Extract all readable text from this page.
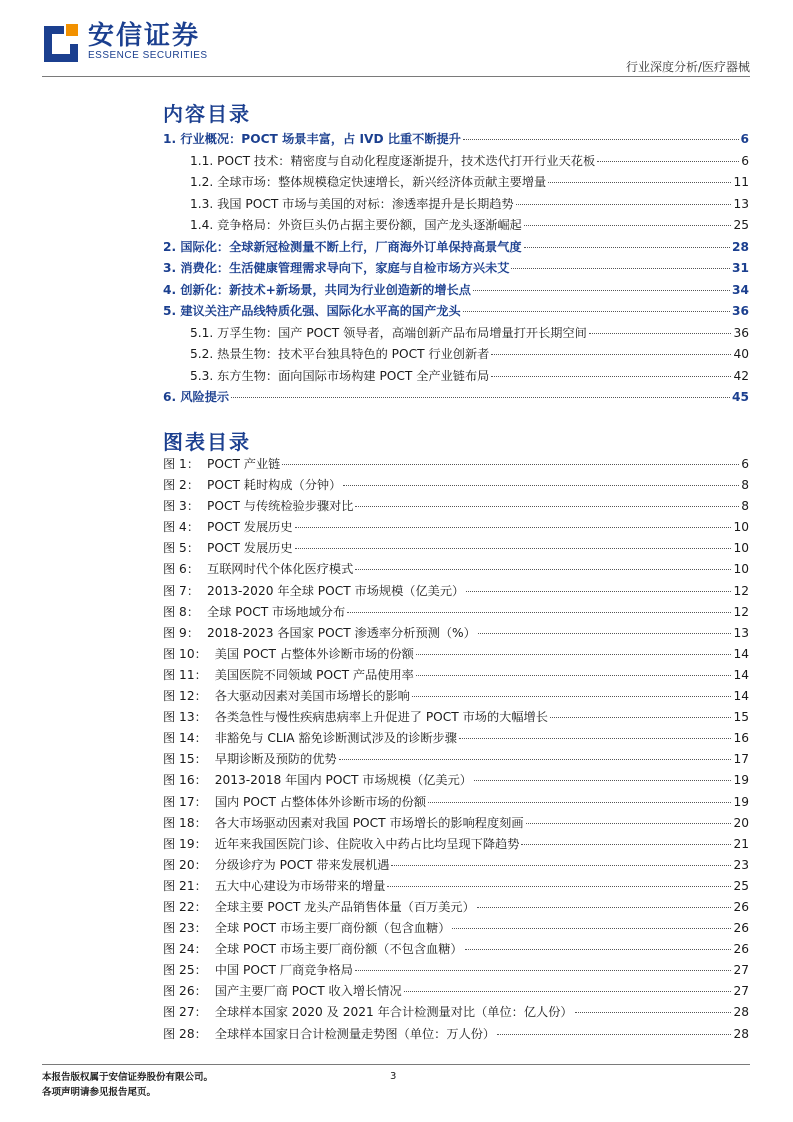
安信证券
ESSENCE SECURITIES
行业深度分析/医疗器械
内容目录
1. 行业概况：POCT 场景丰富，占 IVD 比重不断提升	6
1.1. POCT 技术：精密度与自动化程度逐渐提升，技术迭代打开行业天花板	6
1.2. 全球市场：整体规模稳定快速增长，新兴经济体贡献主要增量	11
1.3. 我国 POCT 市场与美国的对标：渗透率提升是长期趋势	13
1.4. 竞争格局：外资巨头仍占据主要份额，国产龙头逐渐崛起	25
2. 国际化：全球新冠检测量不断上行，厂商海外订单保持高景气度	28
3. 消费化：生活健康管理需求导向下，家庭与自检市场方兴未艾	31
4. 创新化：新技术+新场景，共同为行业创造新的增长点	34
5. 建议关注产品线特质化强、国际化水平高的国产龙头	36
5.1. 万孚生物：国产 POCT 领导者，高端创新产品布局增量打开长期空间	36
5.2. 热景生物：技术平台独具特色的 POCT 行业创新者	40
5.3. 东方生物：面向国际市场构建 POCT 全产业链布局	42
6. 风险提示	45
图表目录
图 1： POCT 产业链	6
图 2： POCT 耗时构成（分钟）	8
图 3： POCT 与传统检验步骤对比	8
图 4： POCT 发展历史	10
图 5： POCT 发展历史	10
图 6： 互联网时代个体化医疗模式	10
图 7： 2013-2020 年全球 POCT 市场规模（亿美元）	12
图 8： 全球 POCT 市场地域分布	12
图 9： 2018-2023 各国家 POCT 渗透率分析预测（%）	13
图 10： 美国 POCT 占整体外诊断市场的份额	14
图 11： 美国医院不同领域 POCT 产品使用率	14
图 12： 各大驱动因素对美国市场增长的影响	14
图 13： 各类急性与慢性疾病患病率上升促进了 POCT 市场的大幅增长	15
图 14： 非豁免与 CLIA 豁免诊断测试涉及的诊断步骤	16
图 15： 早期诊断及预防的优势	17
图 16： 2013-2018 年国内 POCT 市场规模（亿美元）	19
图 17： 国内 POCT 占整体体外诊断市场的份额	19
图 18： 各大市场驱动因素对我国 POCT 市场增长的影响程度刻画	20
图 19： 近年来我国医院门诊、住院收入中药占比均呈现下降趋势	21
图 20： 分级诊疗为 POCT 带来发展机遇	23
图 21： 五大中心建设为市场带来的增量	25
图 22： 全球主要 POCT 龙头产品销售体量（百万美元）	26
图 23： 全球 POCT 市场主要厂商份额（包含血糖）	26
图 24： 全球 POCT 市场主要厂商份额（不包含血糖）	26
图 25： 中国 POCT 厂商竞争格局	27
图 26： 国产主要厂商 POCT 收入增长情况	27
图 27： 全球样本国家 2020 及 2021 年合计检测量对比（单位：亿人份）	28
图 28： 全球样本国家日合计检测量走势图（单位：万人份）	28
本报告版权属于安信证券股份有限公司。
各项声明请参见报告尾页。
3
